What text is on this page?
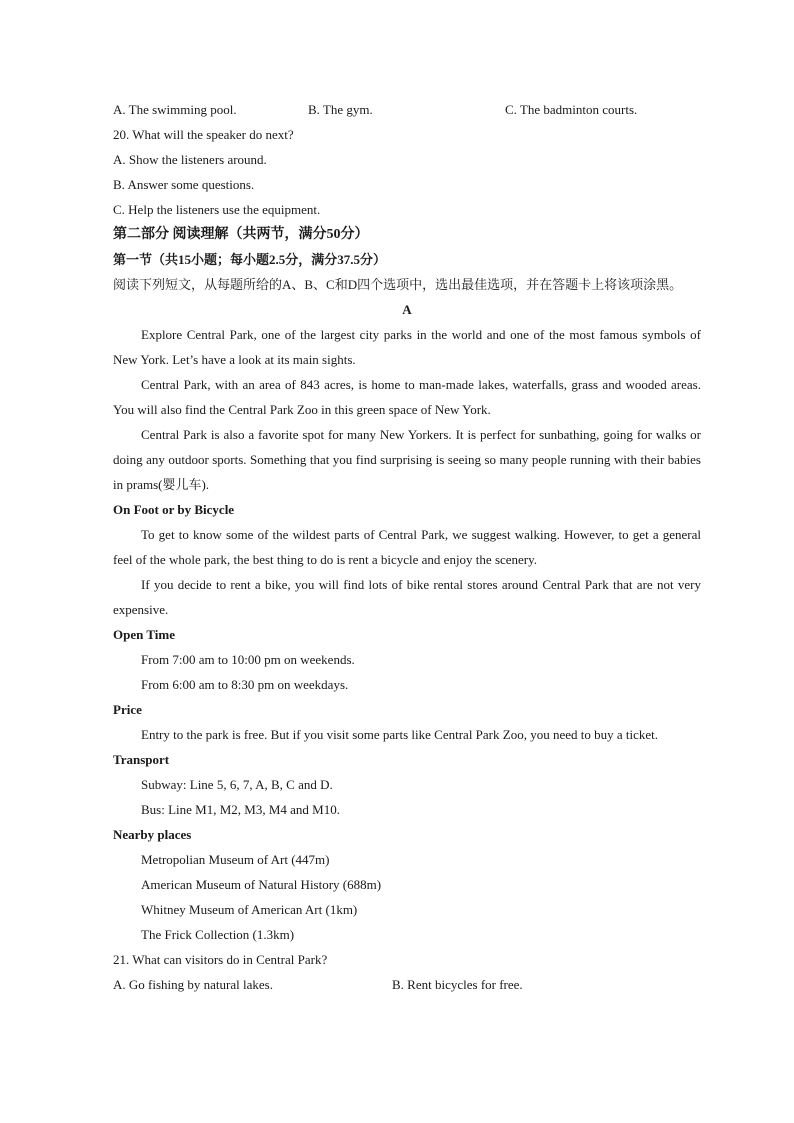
A. The swimming pool.	B. The gym.	C. The badminton courts.
20. What will the speaker do next?
A. Show the listeners around.
B. Answer some questions.
C. Help the listeners use the equipment.
第二部分 阅读理解（共两节，满分50分）
第一节（共15小题；每小题2.5分，满分37.5分）
阅读下列短文，从每题所给的A、B、C和D四个选项中，选出最佳选项，并在答题卡上将该项涂黑。
A
Explore Central Park, one of the largest city parks in the world and one of the most famous symbols of New York. Let’s have a look at its main sights.
Central Park, with an area of 843 acres, is home to man-made lakes, waterfalls, grass and wooded areas. You will also find the Central Park Zoo in this green space of New York.
Central Park is also a favorite spot for many New Yorkers. It is perfect for sunbathing, going for walks or doing any outdoor sports. Something that you find surprising is seeing so many people running with their babies in prams(婴儿车).
On Foot or by Bicycle
To get to know some of the wildest parts of Central Park, we suggest walking. However, to get a general feel of the whole park, the best thing to do is rent a bicycle and enjoy the scenery.
If you decide to rent a bike, you will find lots of bike rental stores around Central Park that are not very expensive.
Open Time
From 7:00 am to 10:00 pm on weekends.
From 6:00 am to 8:30 pm on weekdays.
Price
Entry to the park is free. But if you visit some parts like Central Park Zoo, you need to buy a ticket.
Transport
Subway: Line 5, 6, 7, A, B, C and D.
Bus: Line M1, M2, M3, M4 and M10.
Nearby places
Metropolian Museum of Art (447m)
American Museum of Natural History (688m)
Whitney Museum of American Art (1km)
The Frick Collection (1.3km)
21. What can visitors do in Central Park?
A. Go fishing by natural lakes.	B. Rent bicycles for free.
